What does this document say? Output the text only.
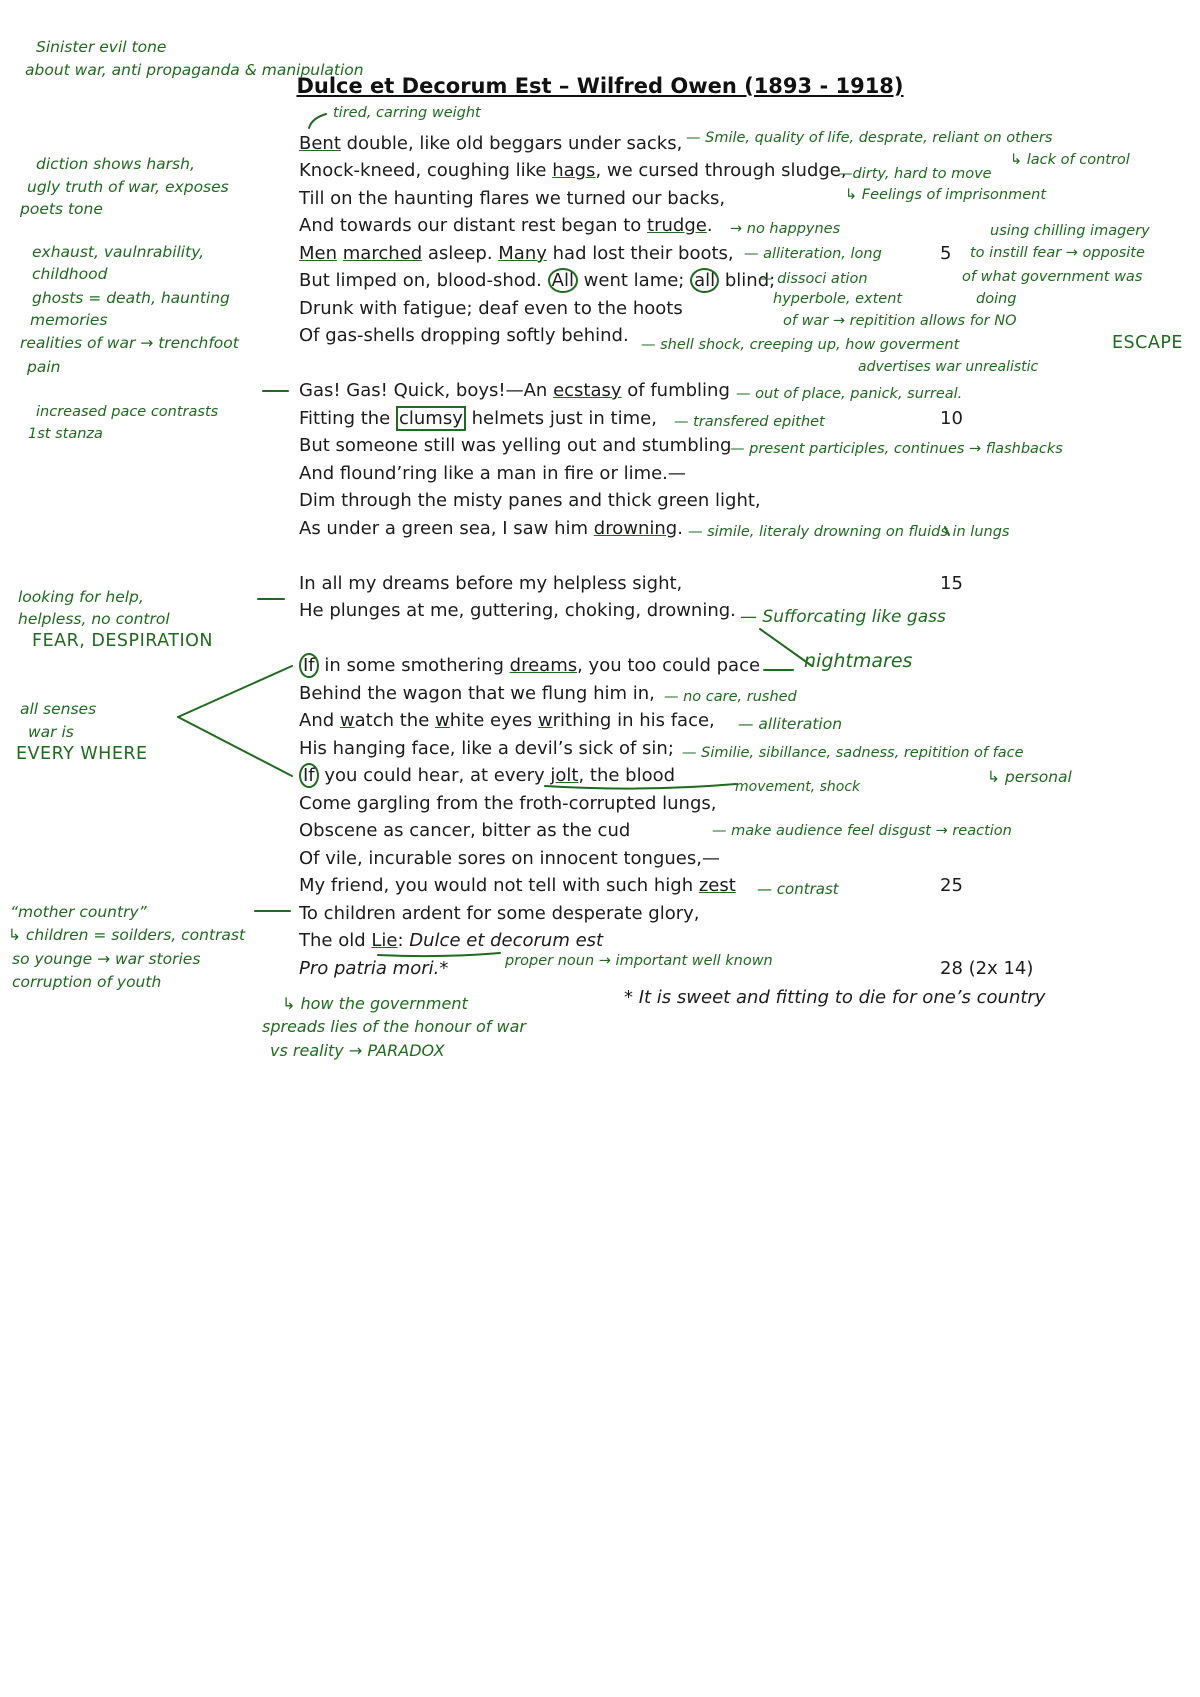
Dulce et Decorum Est – Wilfred Owen (1893 - 1918)
Bent double, like old beggars under sacks,
Knock-kneed, coughing like hags, we cursed through sludge,
Till on the haunting flares we turned our backs,
And towards our distant rest began to trudge.
Men marched asleep. Many had lost their boots,
But limped on, blood-shod. All went lame; all blind;
Drunk with fatigue; deaf even to the hoots
Of gas-shells dropping softly behind.
Gas! Gas! Quick, boys!—An ecstasy of fumbling
Fitting the clumsy helmets just in time,
But someone still was yelling out and stumbling
And flound’ring like a man in fire or lime.—
Dim through the misty panes and thick green light,
As under a green sea, I saw him drowning.
In all my dreams before my helpless sight,
He plunges at me, guttering, choking, drowning.
If in some smothering dreams, you too could pace
Behind the wagon that we flung him in,
And watch the white eyes writhing in his face,
His hanging face, like a devil’s sick of sin;
If you could hear, at every jolt, the blood
Come gargling from the froth-corrupted lungs,
Obscene as cancer, bitter as the cud
Of vile, incurable sores on innocent tongues,—
My friend, you would not tell with such high zest
To children ardent for some desperate glory,
The old Lie: Dulce et decorum est
Pro patria mori.*
5
10
15
25
28 (2x 14)
* It is sweet and fitting to die for one’s country
Sinister evil tone
about war, anti propaganda & manipulation
tired, carring weight
— Smile, quality of life, desprate, reliant on others
↳ lack of control
—dirty, hard to move
↳ Feelings of imprisonment
→ no happynes
— alliteration, long
— dissoci ation
hyperbole, extent
of war → repitition allows for NO
ESCAPE
— shell shock, creeping up, how goverment
advertises war unrealistic
using chilling imagery
to instill fear → opposite
of what government was
doing
diction shows harsh,
ugly truth of war, exposes
poets tone
exhaust, vaulnrability,
childhood
ghosts = death, haunting
memories
realities of war → trenchfoot
pain
increased pace contrasts
1st stanza
— out of place, panick, surreal.
— transfered epithet
— present participles, continues → flashbacks
— simile, literaly drowning on fluids in lungs
looking for help,
helpless, no control
FEAR, DESPIRATION
— Sufforcating like gass
nightmares
— no care, rushed
— alliteration
— Similie, sibillance, sadness, repitition of face
↳ personal
movement, shock
— make audience feel disgust → reaction
— contrast
all senses
war is
EVERY WHERE
“mother country”
↳ children = soilders, contrast
so younge → war stories
corruption of youth
proper noun → important well known
↳ how the government
spreads lies of the honour of war
vs reality → PARADOX
